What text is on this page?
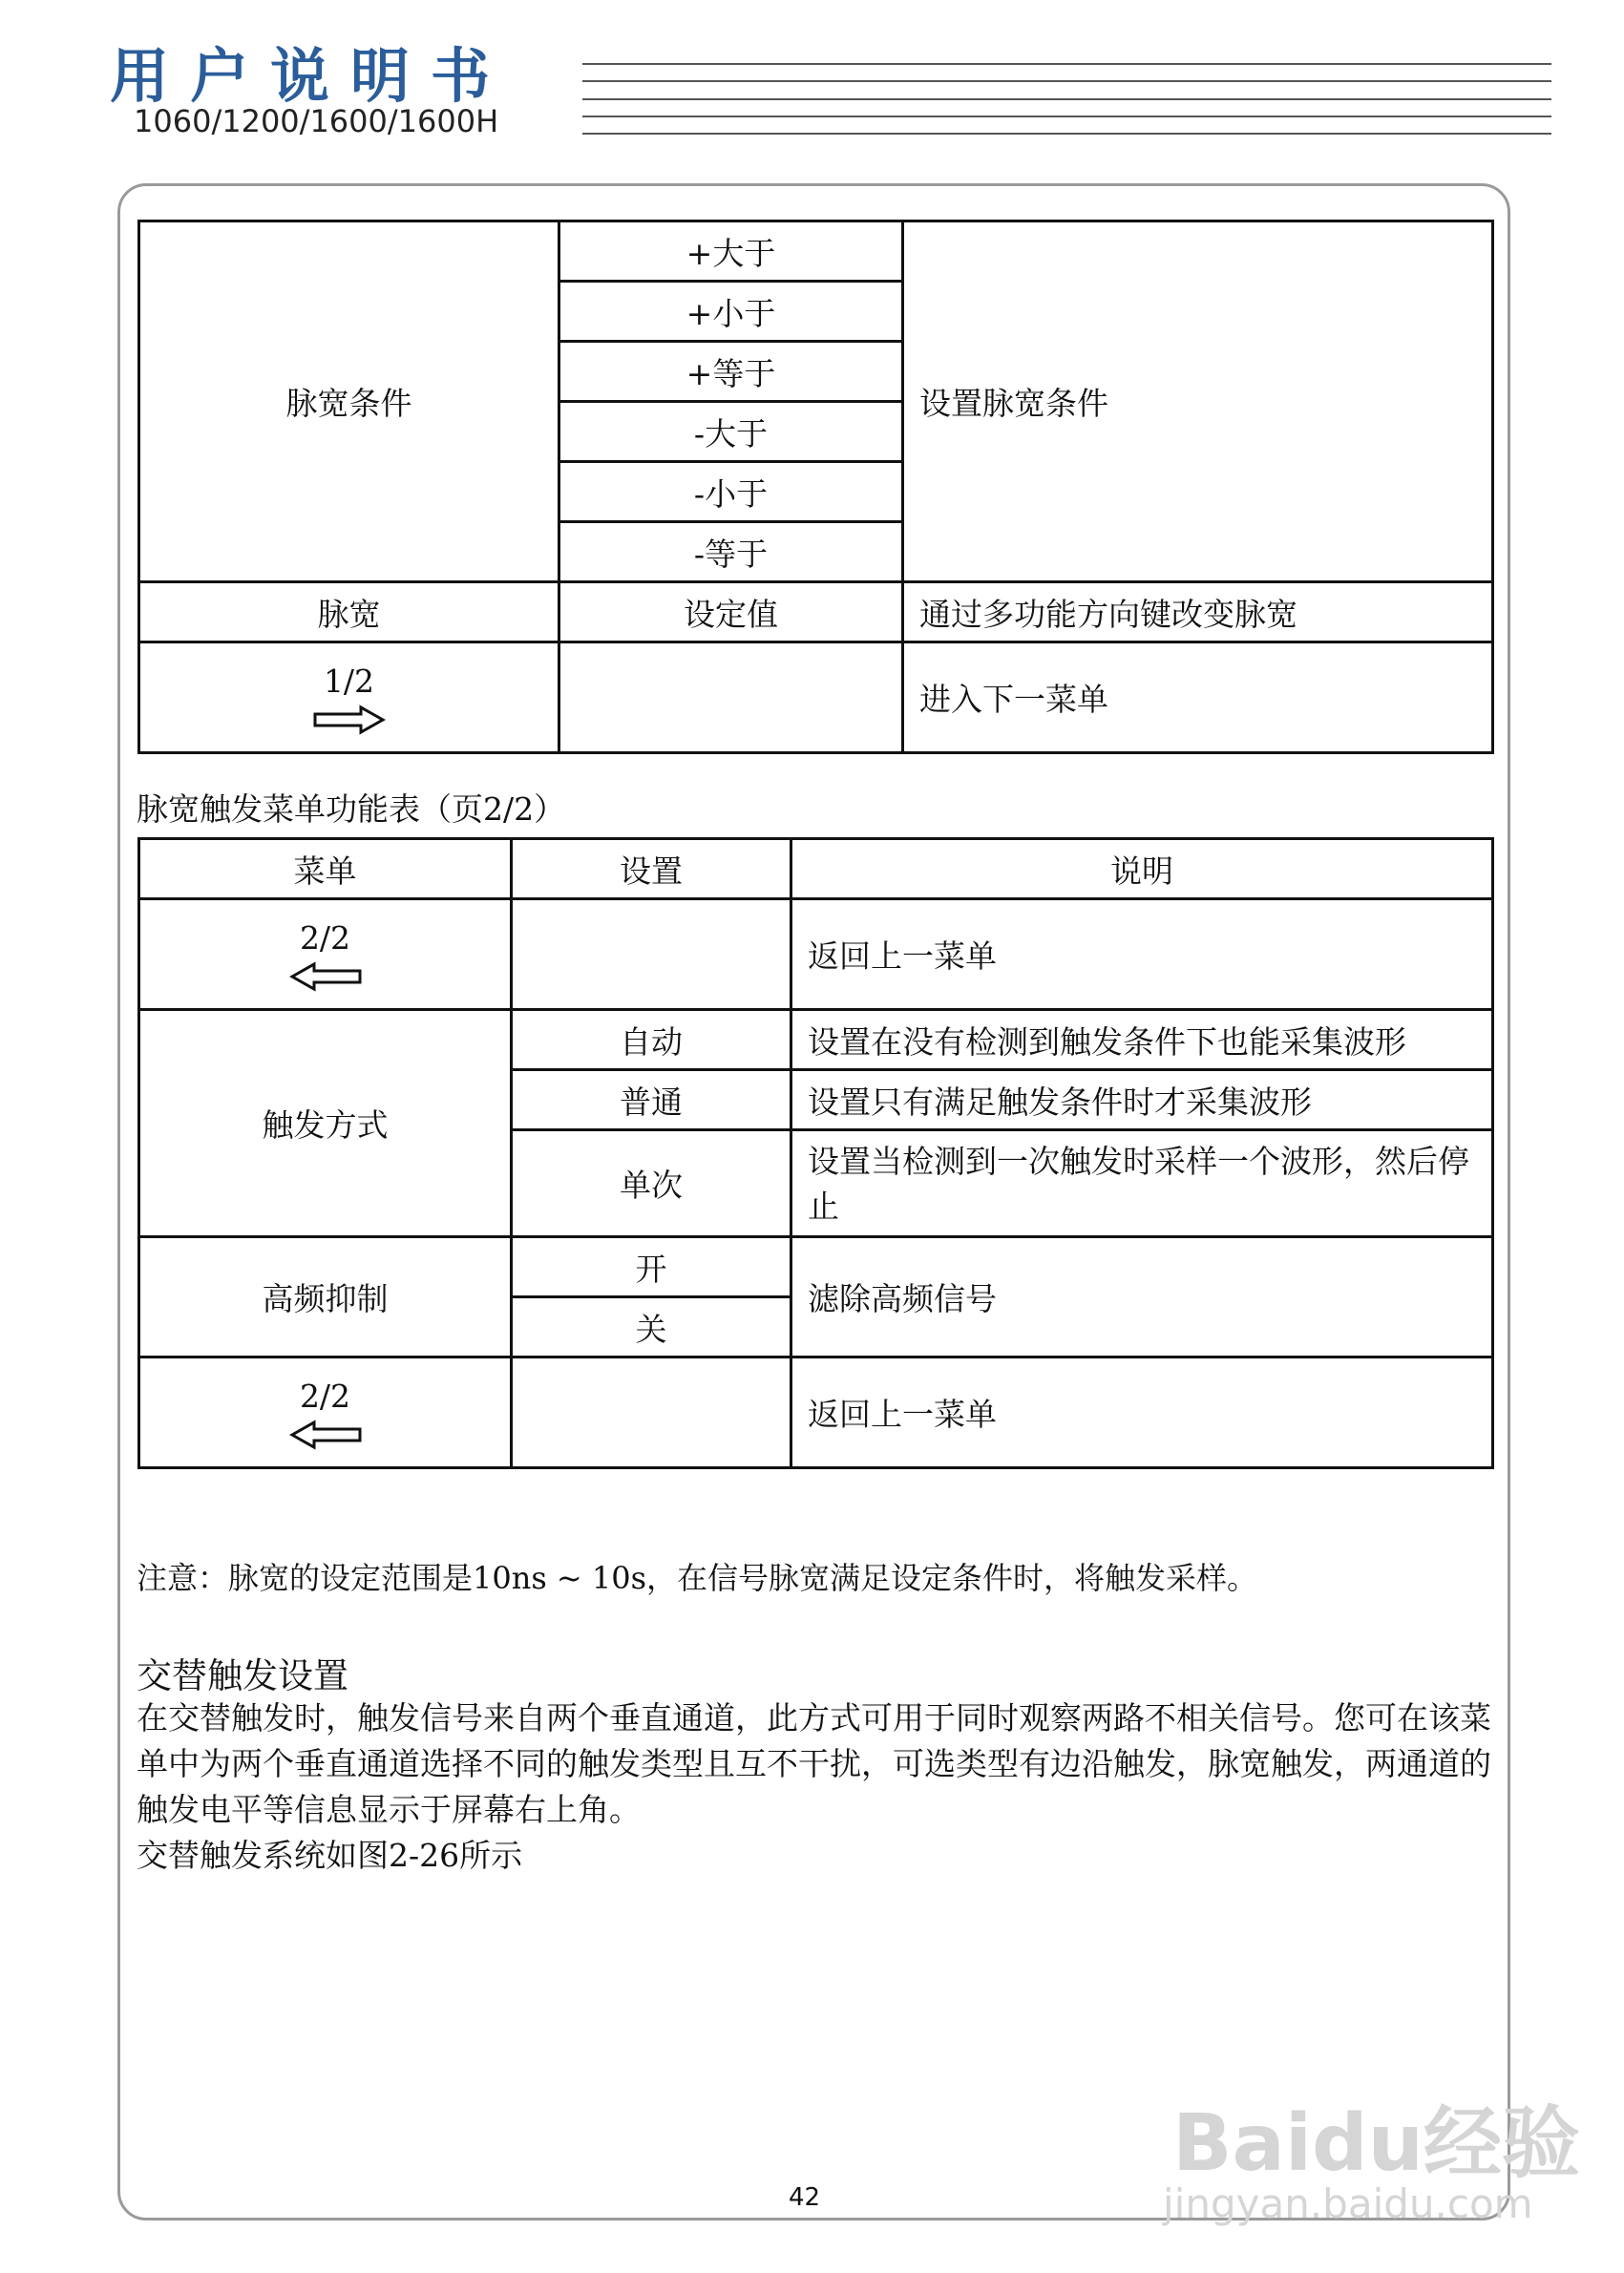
用户说明书
1060/1200/1600/1600H
脉宽条件	+大于	设置脉宽条件
	+小于	
	+等于	
	-大于	
	-小于	
	-等于	
脉宽	设定值	通过多功能方向键改变脉宽

1/2		进入下一菜单
脉宽触发菜单功能表（页2/2）
菜单	设置	说明

2/2		返回上一菜单
触发方式	自动	设置在没有检测到触发条件下也能采集波形
	普通	设置只有满足触发条件时才采集波形
	单次	设置当检测到一次触发时采样一个波形，然后停止
高频抑制	开	滤除高频信号
	关	

2/2		返回上一菜单
注意：脉宽的设定范围是10ns ~ 10s，在信号脉宽满足设定条件时，将触发采样。
交替触发设置

在交替触发时，触发信号来自两个垂直通道，此方式可用于同时观察两路不相关信号。您可在该菜单中为两个垂直通道选择不同的触发类型且互不干扰，可选类型有边沿触发，脉宽触发，两通道的触发电平等信息显示于屏幕右上角。

交替触发系统如图2-26所示

Baidu经验
jingyan.baidu.com
42
